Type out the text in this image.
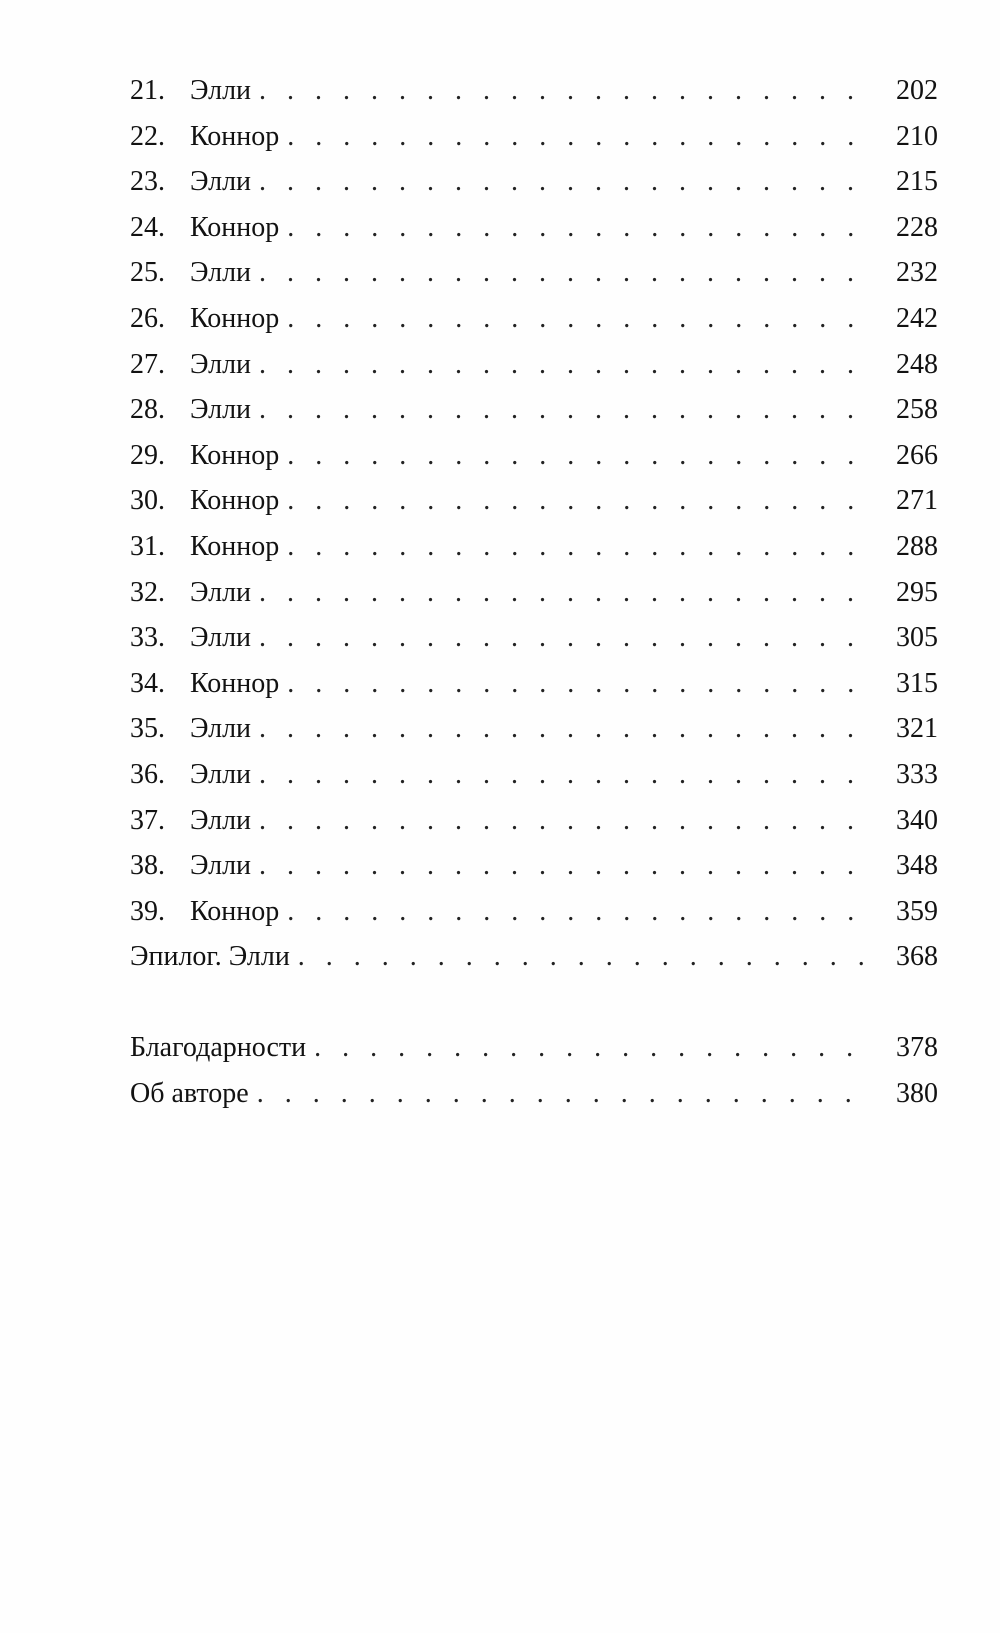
21. Элли . . .	202
22. Коннор . . .	210
23. Элли . . .	215
24. Коннор . . .	228
25. Элли . . .	232
26. Коннор . . .	242
27. Элли . . .	248
28. Элли . . .	258
29. Коннор . . .	266
30. Коннор . . .	271
31. Коннор . . .	288
32. Элли . . .	295
33. Элли . . .	305
34. Коннор . . .	315
35. Элли . . .	321
36. Элли . . .	333
37. Элли . . .	340
38. Элли . . .	348
39. Коннор . . .	359
Эпилог. Элли . . .	368
Благодарности . . .	378
Об авторе . . .	380
